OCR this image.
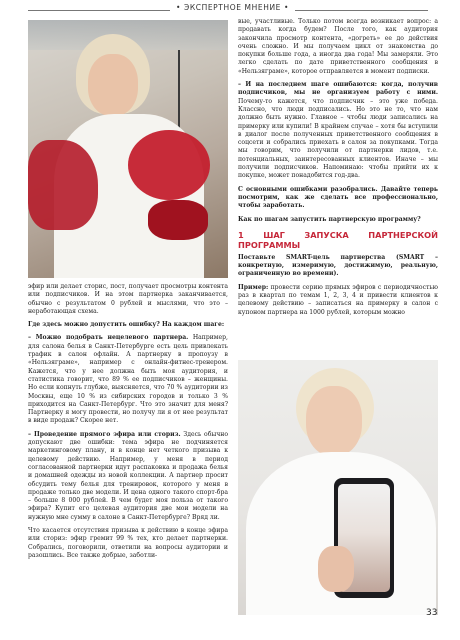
• ЭКСПЕРТНОЕ МНЕНИЕ •

эфир или делает сторис, пост, получает просмотры контента или подписчиков. И на этом партнерка заканчивается, обычно с результатом 0 рублей и мыслями, что это – неработающая схема.

Где здесь можно допустить ошибку? На каждом шаге:

– Можно подобрать нецелевого партнера. Например, для салона белья в Санкт-Петербурге есть цель привлекать трафик в салон офлайн. А партнерку в пропоузу в «Нельзяграме», например с онлайн-фитнес-тренером. Кажется, что у нее должна быть моя аудитория, и статистика говорит, что 89 % ее подписчиков – женщины. Но если копнуть глубже, выясняется, что 70 % аудитории из Москвы, еще 10 % из сибирских городов и только 3 % приходится на Санкт-Петербург. Что это значит для меня? Партнерку я могу провести, но получу ли я от нее результат в виде продаж? Скорее нет.

– Проведение прямого эфира или сториз. Здесь обычно допускают две ошибки: тема эфира не подчиняется маркетинговому плану, и в конце нет четкого призыва к целевому действию. Например, у меня в период согласованной партнерки идут распаковка и продажа белья и домашней одежды из новой коллекции. А партнер просит обсудить тему белья для тренировок, которого у меня в продаже только две модели. И цена одного такого спорт-бра – больше 8 000 рублей. В чем будет моя польза от такого эфира? Купит его целевая аудитория две мои модели на нужную мне сумму в салоне в Санкт-Петербурге? Вряд ли.

Что касается отсутствия призыва к действию в конце эфира или сториз: эфир гремит 99 % тех, кто делает партнерки. Собрались, поговорили, ответили на вопросы аудитории и разошлись. Все также добрые, заботли-

вые, участливые. Только потом всегда возникает вопрос: а продавать когда будем? После того, как аудитория закончила просмотр контента, «догреть» ее до действия очень сложно. И мы получаем цикл от знакомства до покупки больше года, а иногда два года! Мы замеряли. Это легко сделать по дате приветственного сообщения в «Нельзяграме», которое отправляется в момент подписки.

– И на последнем шаге ошибаются: когда, получив подписчиков, мы не организуем работу с ними. Почему-то кажется, что подписчик – это уже победа. Классно, что люди подписались. Но это не то, что нам должно быть нужно. Главное – чтобы люди записались на примерку или купили! В крайнем случае – хотя бы вступили в диалог после полученных приветственного сообщения в соцсети и собрались приехать в салон за покупками. Тогда мы говорим, что получили от партнерки лидов, т.е. потенциальных, заинтересованных клиентов. Иначе – мы получили подписчиков. Напоминаю: чтобы прийти их к покупке, может понадобится год-два.

С основными ошибками разобрались. Давайте теперь посмотрим, как же сделать все профессионально, чтобы заработать.

Как по шагам запустить партнерскую программу?

1 ШАГ ЗАПУСКА ПАРТНЕРСКОЙ ПРОГРАММЫ

Поставьте SMART-цель партнерства (SMART – конкретную, измеримую, достижимую, реальную, ограниченную во времени).

Пример: провести серию прямых эфиров с периодичностью раз в квартал по темам 1, 2, 3, 4 и привести клиентов к целевому действию – записаться на примерку в салон с купоном партнера на 1000 рублей, которым можно

33
